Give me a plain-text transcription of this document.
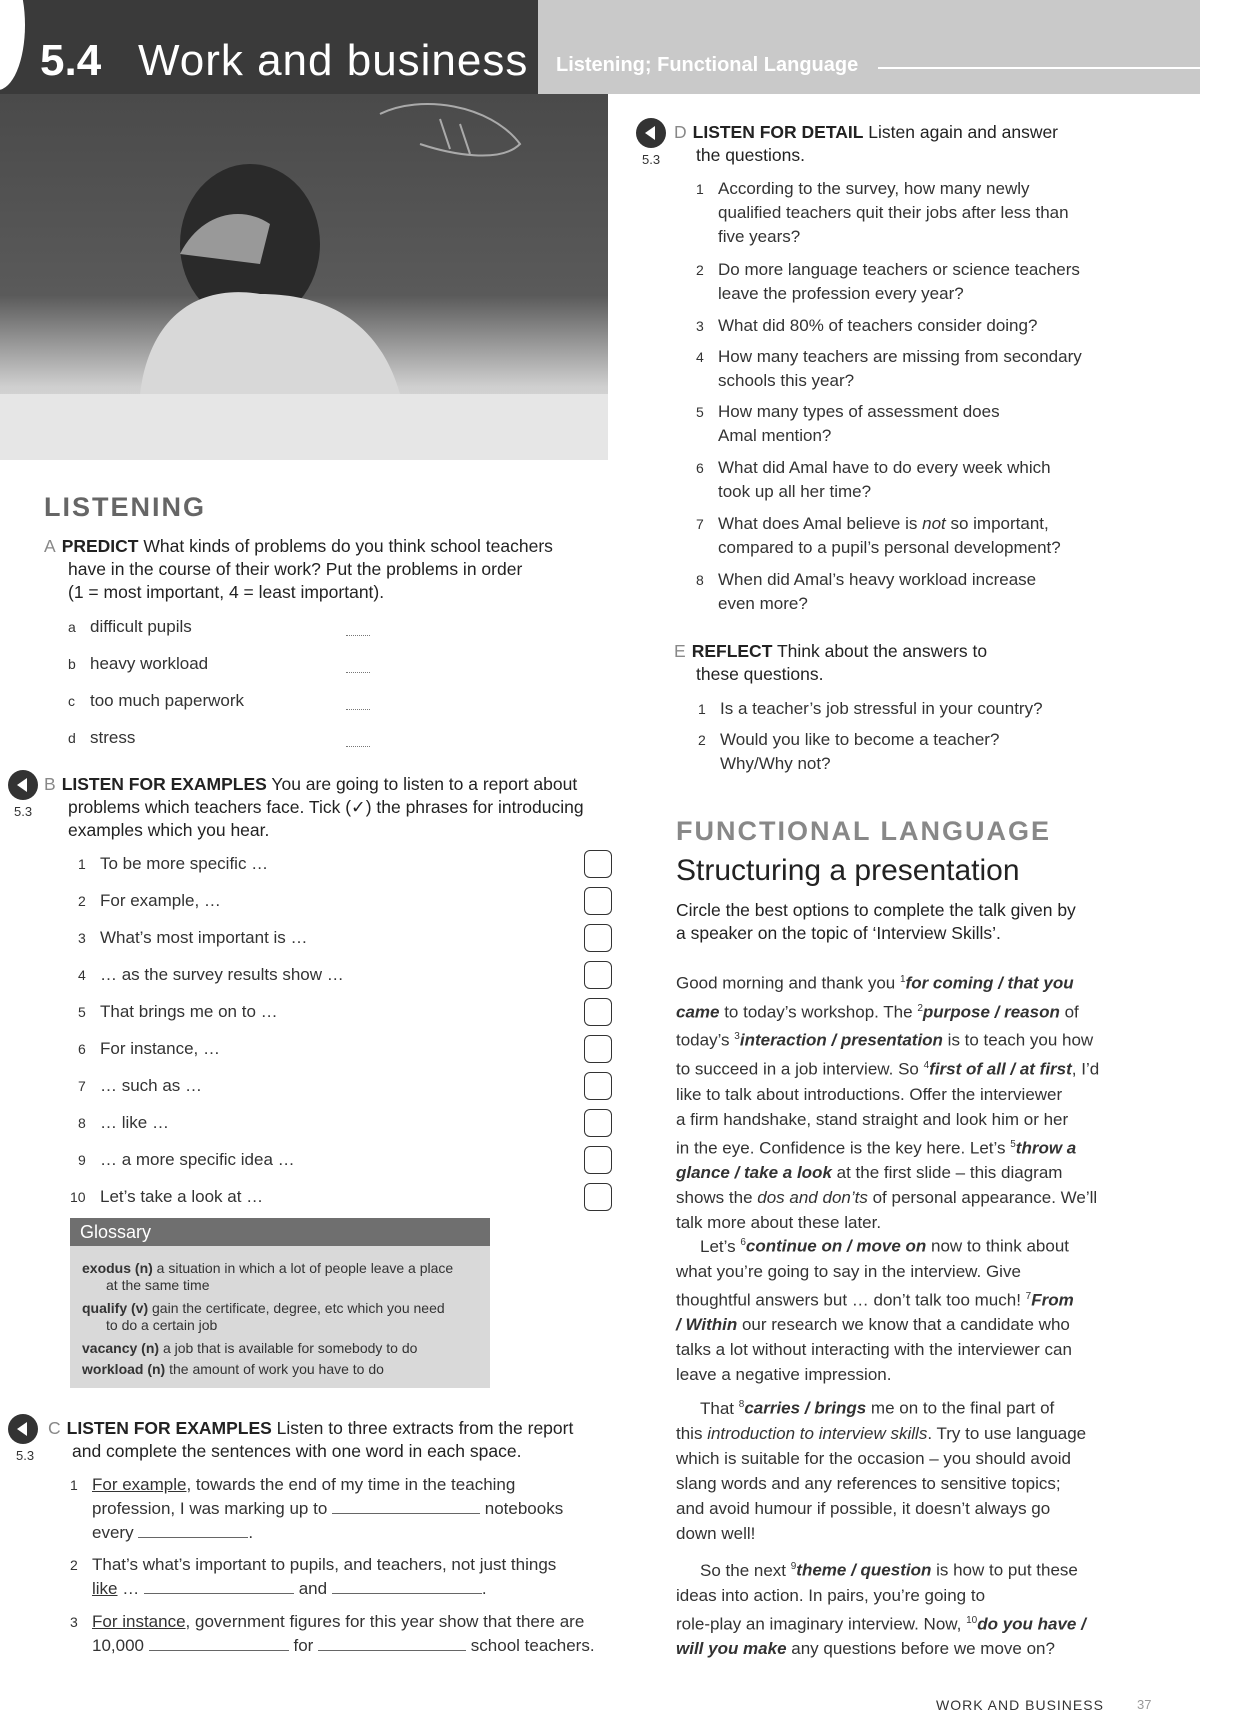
5.4 Work and business Listening; Functional Language
LISTENING
A PREDICT What kinds of problems do you think school teachers
have in the course of their work? Put the problems in order
(1 = most important, 4 = least important).
a difficult pupils
b heavy workload
c too much paperwork
d stress
5.3
B LISTEN FOR EXAMPLES You are going to listen to a report about
problems which teachers face. Tick (✓) the phrases for introducing
examples which you hear.
1 To be more specific …
2 For example, …
3 What’s most important is …
4 … as the survey results show …
5 That brings me on to …
6 For instance, …
7 … such as …
8 … like …
9 … a more specific idea …
10 Let’s take a look at …
Glossary
exodus (n) a situation in which a lot of people leave a place
at the same time
qualify (v) gain the certificate, degree, etc which you need
to do a certain job
vacancy (n) a job that is available for somebody to do
workload (n) the amount of work you have to do
5.3
C LISTEN FOR EXAMPLES Listen to three extracts from the report
and complete the sentences with one word in each space.
1 For example, towards the end of my time in the teaching
profession, I was marking up to	notebooks
every	.
2 That’s what’s important to pupils, and teachers, not just things
like …	and	.
3 For instance, government figures for this year show that there are
10,000	for	school teachers.
5.3
D LISTEN FOR DETAIL Listen again and answer
the questions.
1 According to the survey, how many newly
qualified teachers quit their jobs after less than
five years?
2 Do more language teachers or science teachers
leave the profession every year?
3 What did 80% of teachers consider doing?
4 How many teachers are missing from secondary
schools this year?
5 How many types of assessment does
Amal mention?
6 What did Amal have to do every week which
took up all her time?
7 What does Amal believe is not so important,
compared to a pupil’s personal development?
8 When did Amal’s heavy workload increase
even more?
E REFLECT Think about the answers to
these questions.
1 Is a teacher’s job stressful in your country?
2 Would you like to become a teacher?
Why/Why not?
FUNCTIONAL LANGUAGE
Structuring a presentation
Circle the best options to complete the talk given by
a speaker on the topic of ‘Interview Skills’.
Good morning and thank you $^1$for coming / that you
came to today’s workshop. The $^2$purpose / reason of
today’s $^3$interaction / presentation is to teach you how
to succeed in a job interview. So $^4$first of all / at first, I’d
like to talk about introductions. Offer the interviewer
a firm handshake, stand straight and look him or her
in the eye. Confidence is the key here. Let’s $^5$throw a
glance / take a look at the first slide – this diagram
shows the dos and don’ts of personal appearance. We’ll
talk more about these later.
Let’s $^6$continue on / move on now to think about
what you’re going to say in the interview. Give
thoughtful answers but … don’t talk too much! $^7$From
/ Within our research we know that a candidate who
talks a lot without interacting with the interviewer can
leave a negative impression.
That $^8$carries / brings me on to the final part of
this introduction to interview skills. Try to use language
which is suitable for the occasion – you should avoid
slang words and any references to sensitive topics;
and avoid humour if possible, it doesn’t always go
down well!
So the next $^9$theme / question is how to put these
ideas into action. In pairs, you’re going to
role-play an imaginary interview. Now, $^{10}$do you have /
will you make any questions before we move on?
WORK AND BUSINESS	37
